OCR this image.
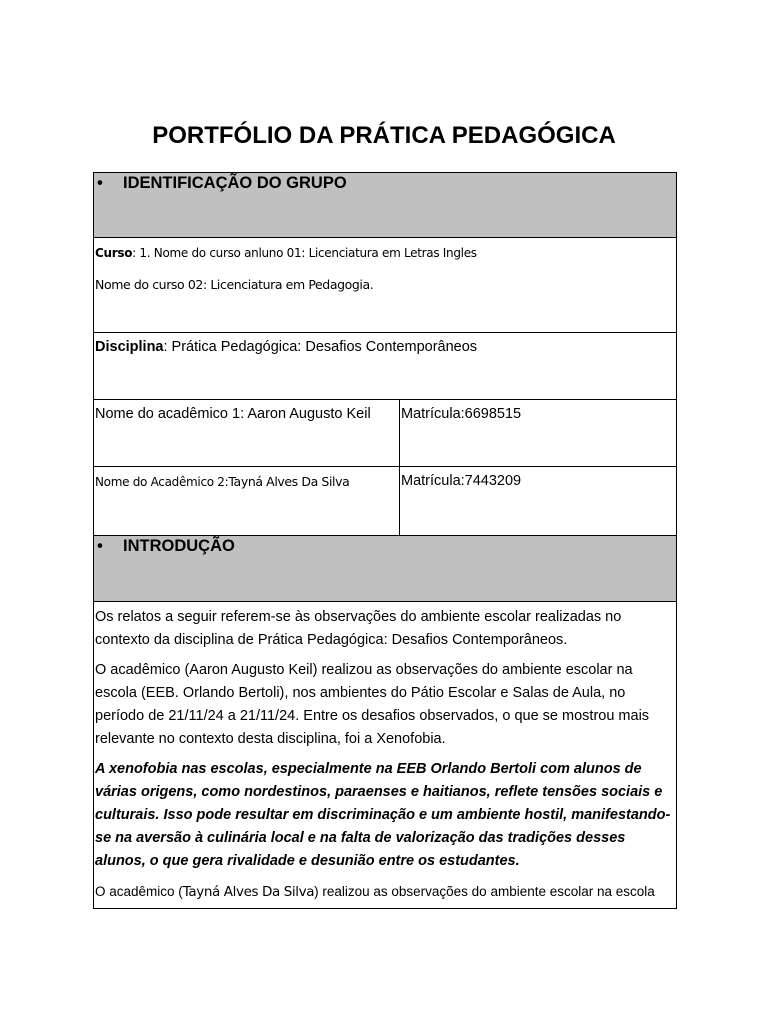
PORTFÓLIO DA PRÁTICA PEDAGÓGICA
• IDENTIFICAÇÃO DO GRUPO	

Curso: 1. Nome do curso anluno 01: Licenciatura em Letras Ingles

Nome do curso 02: Licenciatura em Pedagogia.	

Disciplina: Prática Pedagógica: Desafios Contemporâneos	

Nome do acadêmico 1: Aaron Augusto Keil	Matrícula:6698515

Nome do Acadêmico 2:Tayná Alves Da Silva	Matrícula:7443209

• INTRODUÇÃO	

Os relatos a seguir referem-se às observações do ambiente escolar realizadas no contexto da disciplina de Prática Pedagógica: Desafios Contemporâneos.

O acadêmico (Aaron Augusto Keil) realizou as observações do ambiente escolar na escola (EEB. Orlando Bertoli), nos ambientes do Pátio Escolar e Salas de Aula, no período de 21/11/24 a 21/11/24. Entre os desafios observados, o que se mostrou mais relevante no contexto desta disciplina, foi a Xenofobia.

A xenofobia nas escolas, especialmente na EEB Orlando Bertoli com alunos de várias origens, como nordestinos, paraenses e haitianos, reflete tensões sociais e culturais. Isso pode resultar em discriminação e um ambiente hostil, manifestando-se na aversão à culinária local e na falta de valorização das tradições desses alunos, o que gera rivalidade e desunião entre os estudantes.

O acadêmico (Tayná Alves Da Silva) realizou as observações do ambiente escolar na escola	
